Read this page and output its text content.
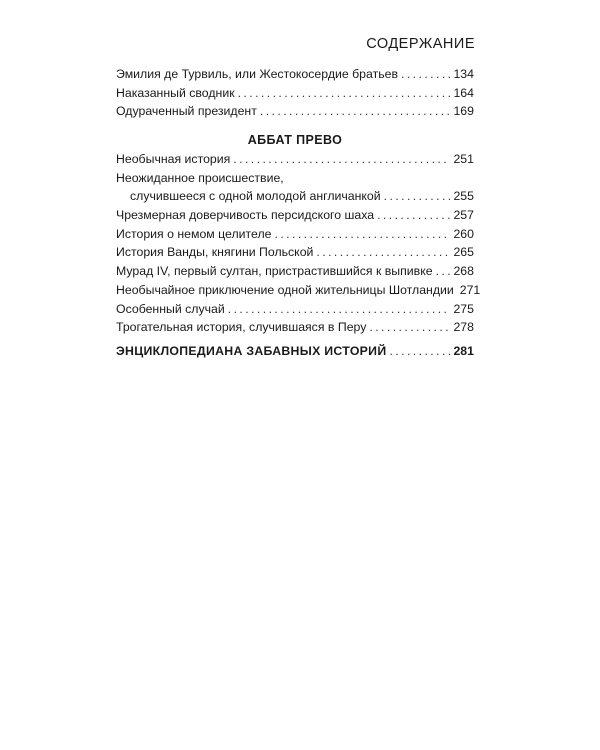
СОДЕРЖАНИЕ
Эмилия де Турвиль, или Жестокосердие братьев . . .	134
Наказанный сводник . . .	164
Одураченный президент . . .	169
АББАТ ПРЕВО
Необычная история . . .	251
Неожиданное происшествие,
случившееся с одной молодой англичанкой . . .	255
Чрезмерная доверчивость персидского шаха . . .	257
История о немом целителе . . .	260
История Ванды, княгини Польской . . .	265
Мурад IV, первый султан, пристрастившийся к выпивке . . . 268
Необычайное приключение одной жительницы Шотландии 271
Особенный случай . . .	275
Трогательная история, случившаяся в Перу . . .	278
ЭНЦИКЛОПЕДИАНА ЗАБАВНЫХ ИСТОРИЙ . . .	281
